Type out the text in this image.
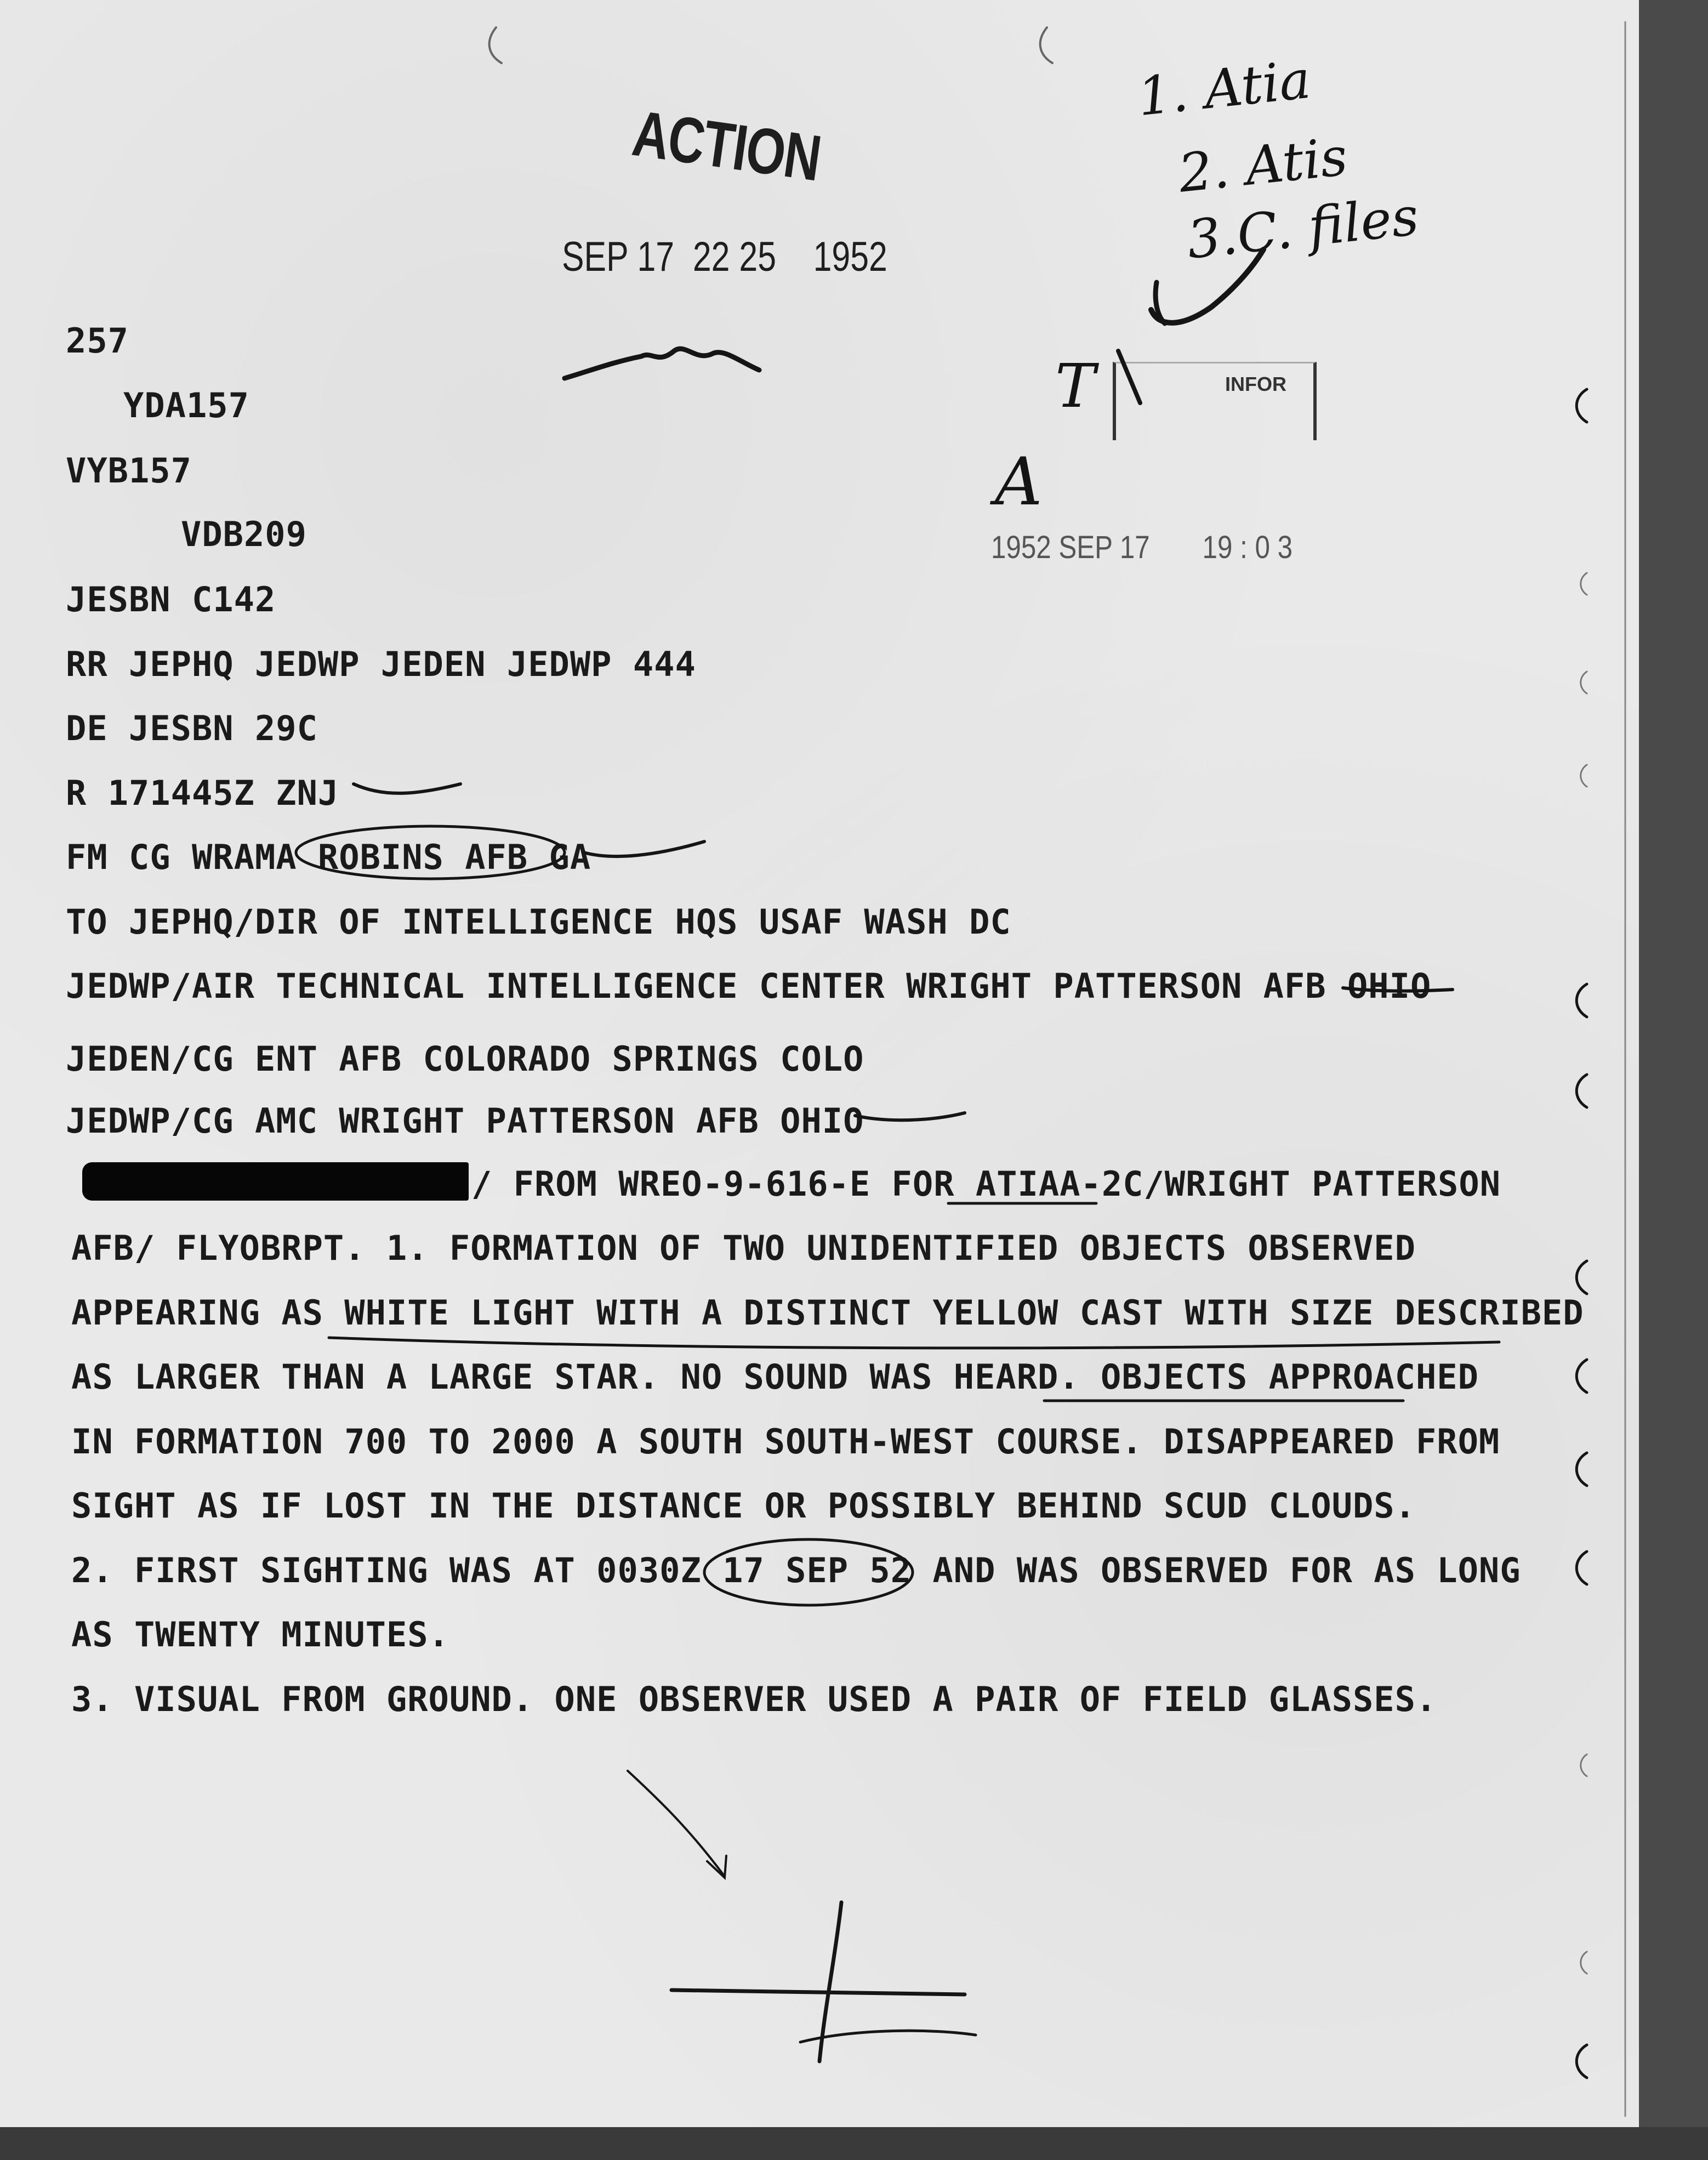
ACTION
SEP 17  22 25    1952
INFOR
1952 SEP 17       19 : 0 3
1. Atia
2. Atis
3.C. files
T
A
257
YDA157
VYB157
VDB209
JESBN C142
RR JEPHQ JEDWP JEDEN JEDWP 444
DE JESBN 29C
R 171445Z ZNJ
FM CG WRAMA ROBINS AFB GA
TO JEPHQ/DIR OF INTELLIGENCE HQS USAF WASH DC
JEDWP/AIR TECHNICAL INTELLIGENCE CENTER WRIGHT PATTERSON AFB OHIO
JEDEN/CG ENT AFB COLORADO SPRINGS COLO
JEDWP/CG AMC WRIGHT PATTERSON AFB OHIO
/ FROM WREO-9-616-E FOR ATIAA-2C/WRIGHT PATTERSON
AFB/ FLYOBRPT. 1. FORMATION OF TWO UNIDENTIFIED OBJECTS OBSERVED
APPEARING AS WHITE LIGHT WITH A DISTINCT YELLOW CAST WITH SIZE DESCRIBED
AS LARGER THAN A LARGE STAR. NO SOUND WAS HEARD. OBJECTS APPROACHED
IN FORMATION 700 TO 2000 A SOUTH SOUTH-WEST COURSE. DISAPPEARED FROM
SIGHT AS IF LOST IN THE DISTANCE OR POSSIBLY BEHIND SCUD CLOUDS.
2. FIRST SIGHTING WAS AT 0030Z 17 SEP 52 AND WAS OBSERVED FOR AS LONG
AS TWENTY MINUTES.
3. VISUAL FROM GROUND. ONE OBSERVER USED A PAIR OF FIELD GLASSES.
